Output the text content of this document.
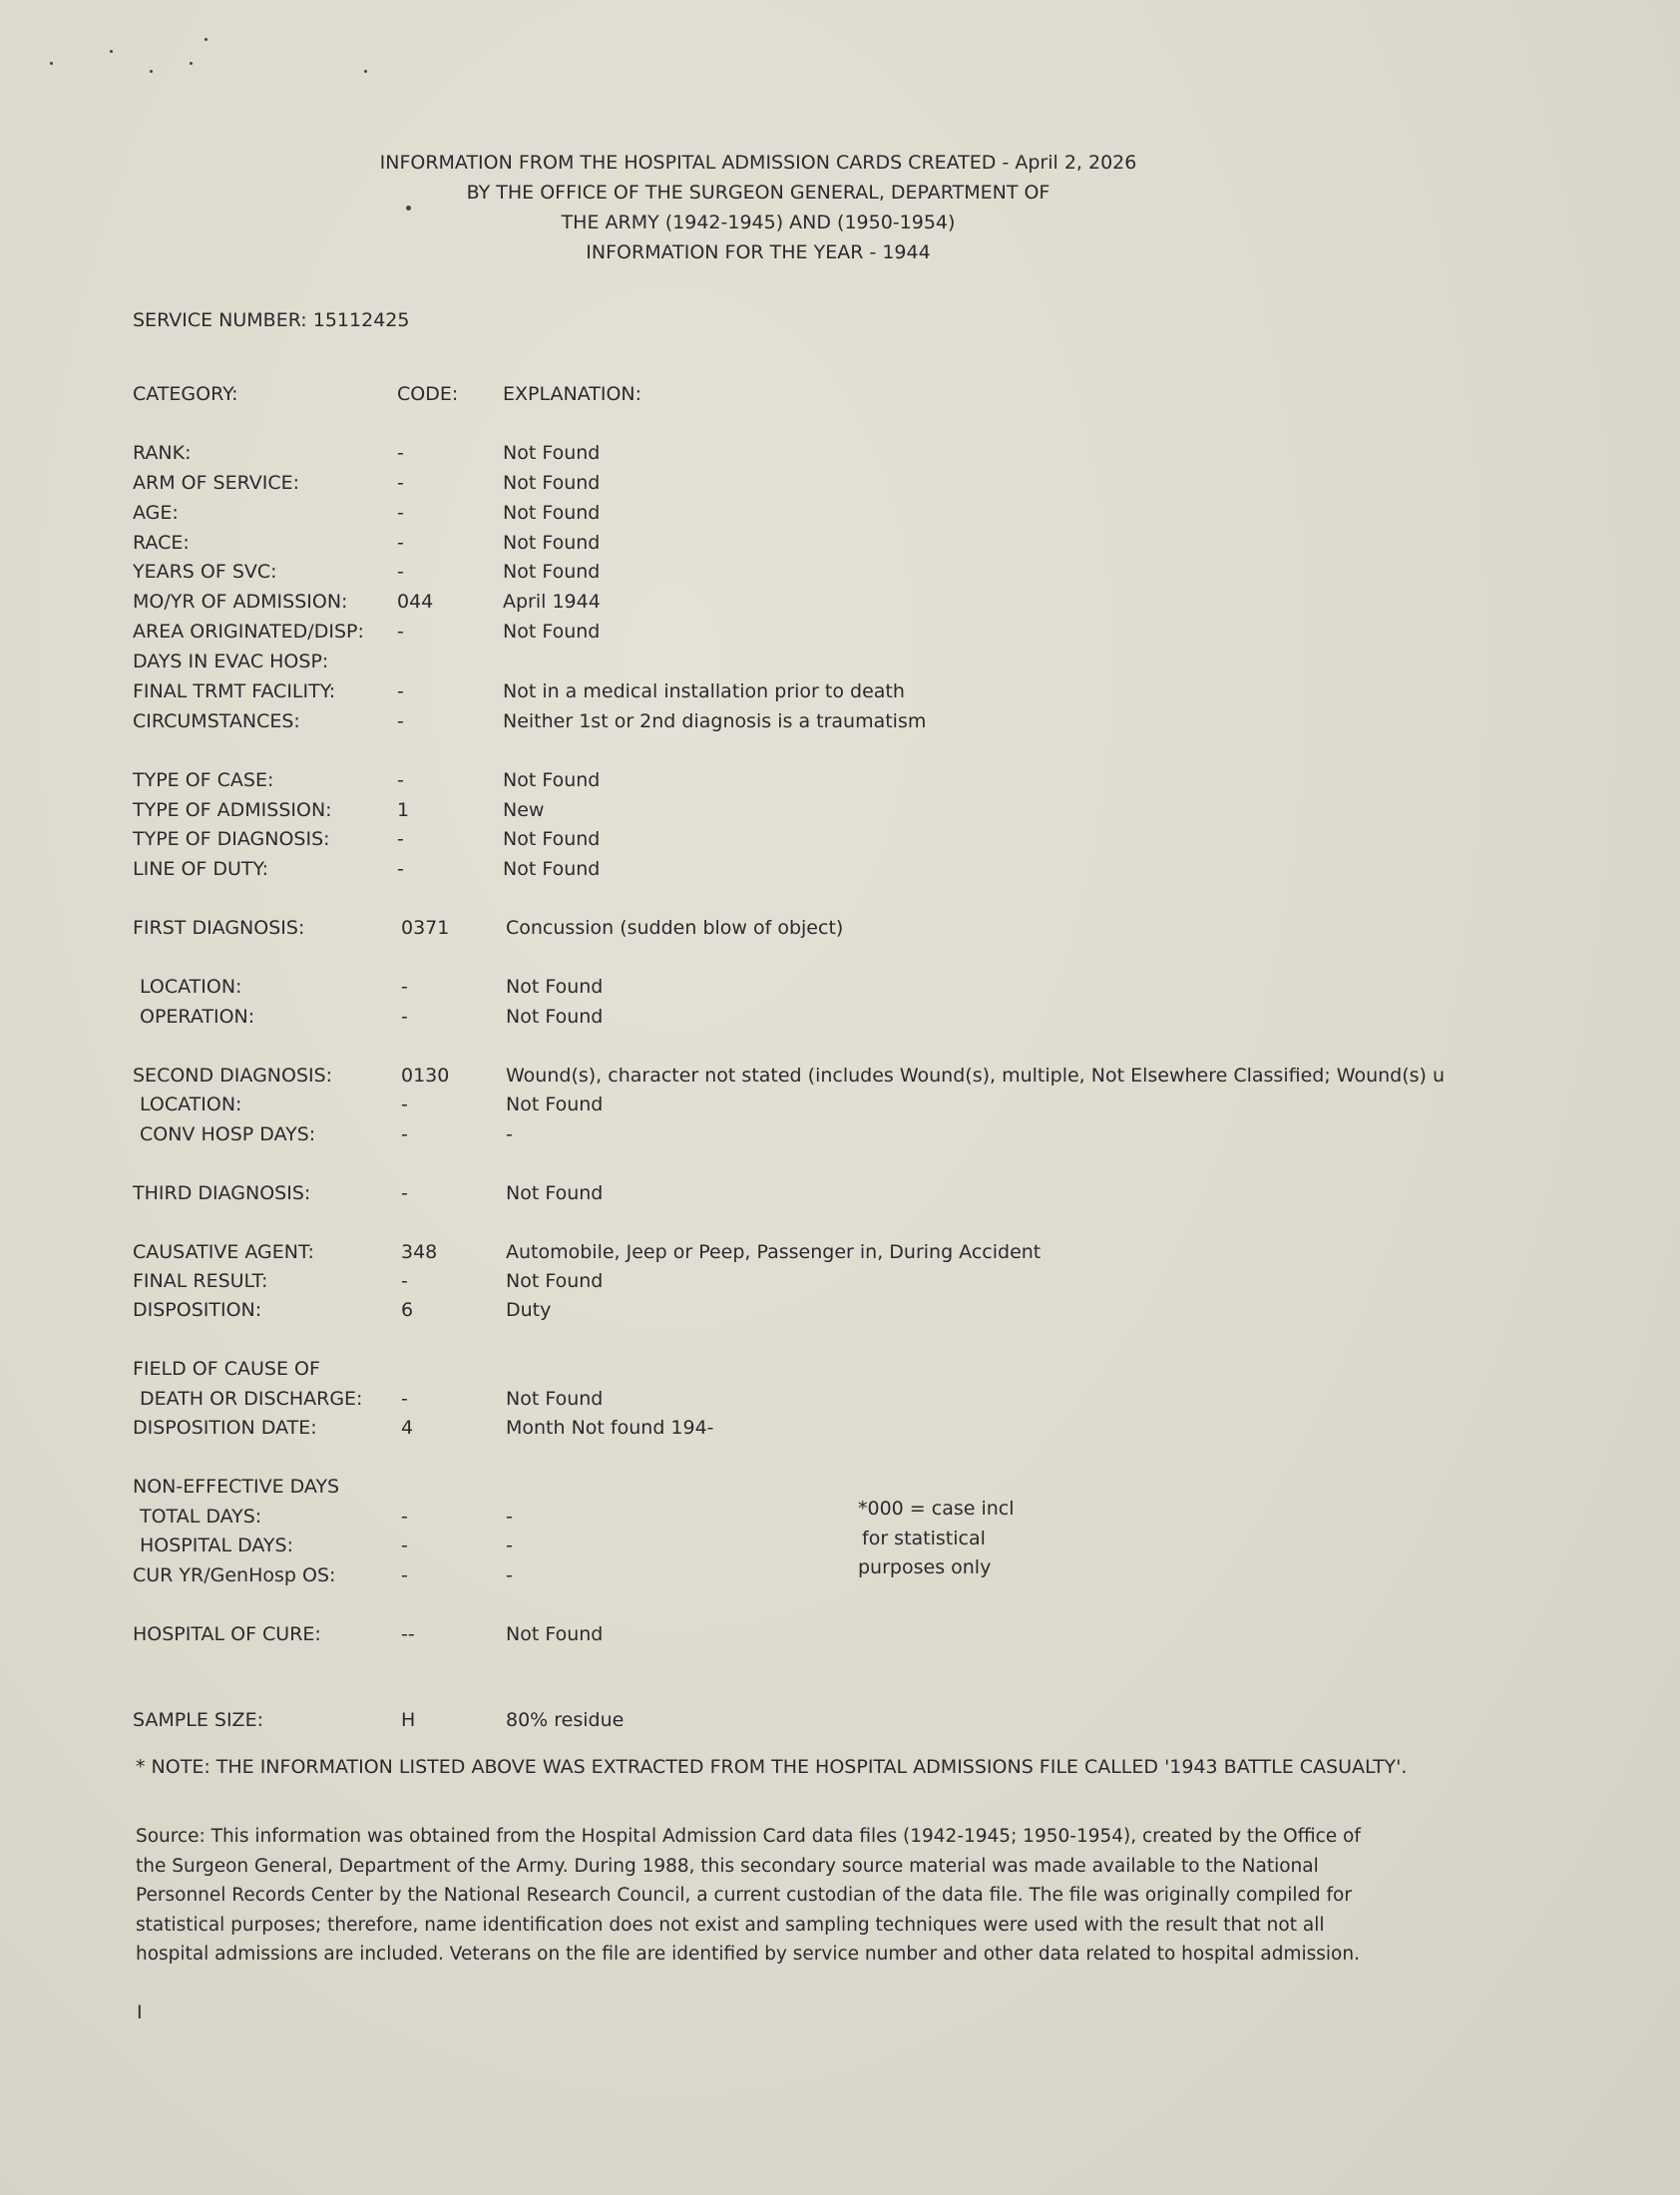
INFORMATION FROM THE HOSPITAL ADMISSION CARDS CREATED - April 2, 2026
BY THE OFFICE OF THE SURGEON GENERAL, DEPARTMENT OF
THE ARMY (1942-1945) AND (1950-1954)
INFORMATION FOR THE YEAR - 1944
SERVICE NUMBER: 15112425
CATEGORY:	CODE: EXPLANATION:
RANK:	-	Not Found
ARM OF SERVICE:	-	Not Found
AGE:	-	Not Found
RACE:	-	Not Found
YEARS OF SVC:	-	Not Found
MO/YR OF ADMISSION:	044	April 1944
AREA ORIGINATED/DISP: -	Not Found
DAYS IN EVAC HOSP:
FINAL TRMT FACILITY:	-	Not in a medical installation prior to death
CIRCUMSTANCES:	-	Neither 1st or 2nd diagnosis is a traumatism
TYPE OF CASE:	-	Not Found
TYPE OF ADMISSION:	1	New
TYPE OF DIAGNOSIS:	-	Not Found
LINE OF DUTY:	-	Not Found
FIRST DIAGNOSIS:	0371	Concussion (sudden blow of object)
LOCATION:	-	Not Found
OPERATION:	-	Not Found
SECOND DIAGNOSIS:	0130	Wound(s), character not stated (includes Wound(s), multiple, Not Elsewhere Classified; Wound(s) u
LOCATION:	-	Not Found
CONV HOSP DAYS:	-	-
THIRD DIAGNOSIS:	-	Not Found
CAUSATIVE AGENT:	348	Automobile, Jeep or Peep, Passenger in, During Accident
FINAL RESULT:	-	Not Found
DISPOSITION:	6	Duty
FIELD OF CAUSE OF
DEATH OR DISCHARGE: -	Not Found
DISPOSITION DATE:	4	Month Not found 194-
NON-EFFECTIVE DAYS
TOTAL DAYS:	-	-
HOSPITAL DAYS:	-	-
CUR YR/GenHosp OS:	-	-
HOSPITAL OF CURE:	--	Not Found
SAMPLE SIZE:	H	80% residue
*000 = case incl
for statistical
purposes only
* NOTE: THE INFORMATION LISTED ABOVE WAS EXTRACTED FROM THE HOSPITAL ADMISSIONS FILE CALLED '1943 BATTLE CASUALTY'.
Source: This information was obtained from the Hospital Admission Card data files (1942-1945; 1950-1954), created by the Office of the Surgeon General, Department of the Army. During 1988, this secondary source material was made available to the National Personnel Records Center by the National Research Council, a current custodian of the data file. The file was originally compiled for statistical purposes; therefore, name identification does not exist and sampling techniques were used with the result that not all hospital admissions are included. Veterans on the file are identified by service number and other data related to hospital admission.
I
